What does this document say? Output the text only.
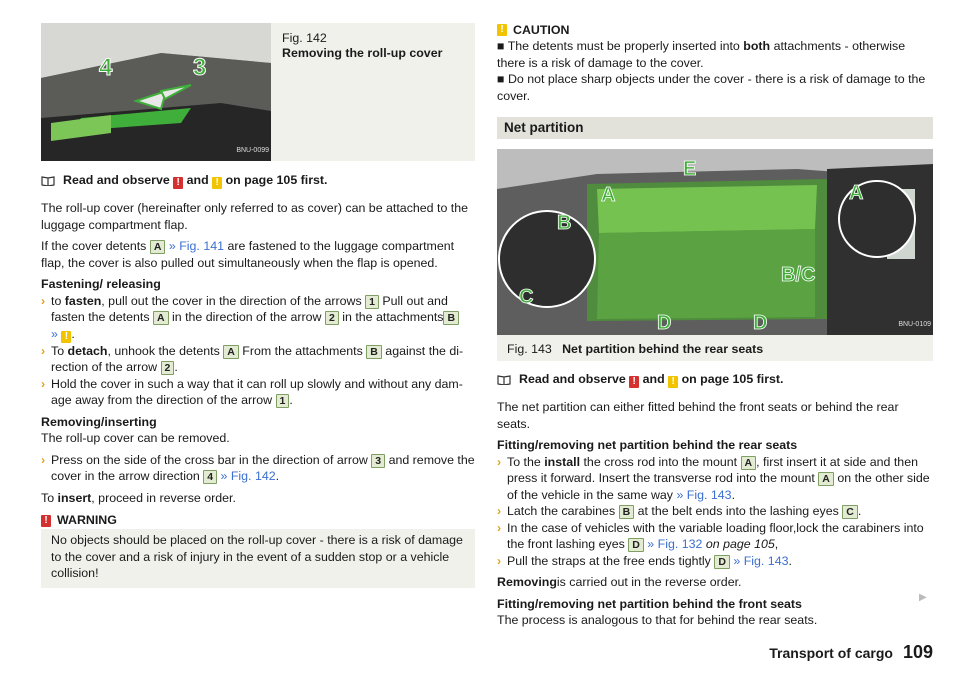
4	3
BNU-0099
Fig. 142
Removing the roll-up cover
Read and observe ! and ! on page 105 first.

The roll-up cover (hereinafter only referred to as cover) can be attached to the luggage compartment flap.

If the cover detents A » Fig. 141 are fastened to the luggage compartment flap, the cover is also pulled out simultaneously when the flap is opened.

Fastening/ releasing

› to fasten, pull out the cover in the direction of the arrows 1 Pull out and fasten the detents A in the direction of the arrow 2 in the attachments B
» ! .
› To detach, unhook the detents A From the attachments B against the di- rection of the arrow 2 .
› Hold the cover in such a way that it can roll up slowly and without any dam- age away from the direction of the arrow 1 .

Removing/inserting

The roll-up cover can be removed.

› Press on the side of the cross bar in the direction of arrow 3 and remove the cover in the arrow direction 4 » Fig. 142.

To insert, proceed in reverse order.

! WARNING

No objects should be placed on the roll-up cover - there is a risk of damage to the cover and a risk of injury in the event of a sudden stop or a vehicle collision!

! CAUTION

■ The detents must be properly inserted into both attachments - otherwise there is a risk of damage to the cover.

■ Do not place sharp objects under the cover - there is a risk of damage to the cover.

Net partition
A
E
A
B
B/C
C
D	D	BNU-0109
Fig. 143 Net partition behind the rear seats
Read and observe ! and ! on page 105 first.

The net partition can either fitted behind the front seats or behind the rear seats.

Fitting/removing net partition behind the rear seats

› To the install the cross rod into the mount A , first insert it at side and then press it forward. Insert the transverse rod into the mount A on the other side of the vehicle in the same way » Fig. 143.
› Latch the carabines B at the belt ends into the lashing eyes C .
› In the case of vehicles with the variable loading floor,lock the carabiners into the front lashing eyes D » Fig. 132 on page 105,
› Pull the straps at the free ends tightly D » Fig. 143.

Removingis carried out in the reverse order.

Fitting/removing net partition behind the front seats

The process is analogous to that for behind the rear seats.

▶
Transport of cargo 109
